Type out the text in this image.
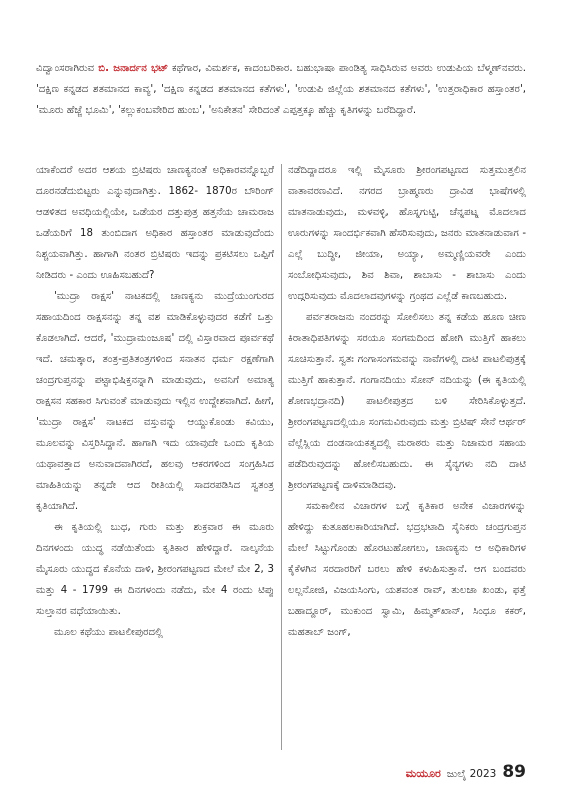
ವಿದ್ವಾಂಸರಾಗಿರುವ ಬಿ. ಜನಾರ್ದನ ಭಟ್ ಕಥೆಗಾರ, ವಿಮರ್ಶಕ, ಕಾದಂಬರಿಕಾರ. ಬಹುಭಾಷಾ ಪಾಂಡಿತ್ಯ ಸಾಧಿಸಿರುವ ಅವರು ಉಡುಪಿಯ ಬೆಳ್ಮಣ್‌ನವರು. 'ದಕ್ಷಿಣ ಕನ್ನಡದ ಶತಮಾನದ ಕಾವ್ಯ', 'ದಕ್ಷಿಣ ಕನ್ನಡದ ಶತಮಾನದ ಕತೆಗಳು', 'ಉಡುಪಿ ಜಿಲ್ಲೆಯ ಶತಮಾನದ ಕತೆಗಳು', 'ಉತ್ತರಾಧಿಕಾರ ಹಸ್ತಾಂತರ', 'ಮೂರು ಹೆಜ್ಜೆ ಭೂಮಿ', 'ಕಲ್ಲುಕಂಬವೇರಿದ ಹುಂಬ', 'ಅನಿಕೇತನ' ಸೇರಿದಂತೆ ಎಪ್ಪತ್ತಕ್ಕೂ ಹೆಚ್ಚು ಕೃತಿಗಳನ್ನು ಬರೆದಿದ್ದಾರೆ.

ಯಾಕೆಂದರೆ ಅದರ ಆಶಯ ಬ್ರಿಟಿಷರು ಚಾಣಕ್ಯನಂತೆ ಅಧಿಕಾರವನ್ನೊಬ್ಬರೆ ದೂರನಡೆದುಬಿಟ್ಟರು ಎನ್ನುವುದಾಗಿತ್ತು. 1862- 1870ರ ಬೌರಿಂಗ್ ಆಡಳಿತದ ಅವಧಿಯಲ್ಲಿಯೇ, ಒಡೆಯರ ದತ್ತುಪುತ್ರ ಹತ್ತನೆಯ ಚಾಮರಾಜ ಒಡೆಯರಿಗೆ 18 ತುಂಬಿದಾಗ ಅಧಿಕಾರ ಹಸ್ತಾಂತರ ಮಾಡುವುದೆಂದು ನಿಶ್ಚಯವಾಗಿತ್ತು. ಹಾಗಾಗಿ ನಂತರ ಬ್ರಿಟಿಷರು ಇದನ್ನು ಪ್ರಕಟಿಸಲು ಒಪ್ಪಿಗೆ ನೀಡಿದರು - ಎಂದು ಊಹಿಸಬಹುದೆ?

'ಮುದ್ರಾ ರಾಕ್ಷಸ' ನಾಟಕದಲ್ಲಿ ಚಾಣಕ್ಯನು ಮುದ್ರೆಯುಂಗುರದ ಸಹಾಯದಿಂದ ರಾಕ್ಷಸನನ್ನು ತನ್ನ ವಶ ಮಾಡಿಕೊಳ್ಳುವುದರ ಕಡೆಗೆ ಒತ್ತು ಕೊಡಲಾಗಿದೆ. ಆದರೆ, 'ಮುದ್ರಾಮಂಜೂಷ' ದಲ್ಲಿ ವಿಸ್ತಾರವಾದ ಪೂರ್ವಕಥೆ ಇದೆ. ಚಮತ್ಕಾರ, ತಂತ್ರ-ಪ್ರತಿತಂತ್ರಗಳಿಂದ ಸನಾತನ ಧರ್ಮ ರಕ್ಷಣೆಗಾಗಿ ಚಂದ್ರಗುಪ್ತನನ್ನು ಪಟ್ಟಾಭಿಷಿಕ್ತನನ್ನಾಗಿ ಮಾಡುವುದು, ಅವನಿಗೆ ಅಮಾತ್ಯ ರಾಕ್ಷಸನ ಸಹಕಾರ ಸಿಗುವಂತೆ ಮಾಡುವುದು ಇಲ್ಲಿನ ಉದ್ದೇಶವಾಗಿದೆ. ಹೀಗೆ, 'ಮುದ್ರಾ ರಾಕ್ಷಸ' ನಾಟಕದ ವಸ್ತುವನ್ನು ಆಯ್ದುಕೊಂಡು ಕವಿಯು, ಮೂಲವನ್ನು ವಿಸ್ತರಿಸಿದ್ದಾನೆ. ಹಾಗಾಗಿ ಇದು ಯಾವುದೇ ಒಂದು ಕೃತಿಯ ಯಥಾವತ್ತಾದ ಅನುವಾದವಾಗಿರದೆ, ಹಲವು ಆಕರಗಳಿಂದ ಸಂಗ್ರಹಿಸಿದ ಮಾಹಿತಿಯನ್ನು ತನ್ನದೇ ಆದ ರೀತಿಯಲ್ಲಿ ಸಾದರಪಡಿಸಿದ ಸ್ವತಂತ್ರ ಕೃತಿಯಾಗಿದೆ.

ಈ ಕೃತಿಯಲ್ಲಿ ಬುಧ, ಗುರು ಮತ್ತು ಶುಕ್ರವಾರ ಈ ಮೂರು ದಿನಗಳಂದು ಯುದ್ಧ ನಡೆಯಿತೆಂದು ಕೃತಿಕಾರ ಹೇಳಿದ್ದಾರೆ. ನಾಲ್ಕನೆಯ ಮೈಸೂರು ಯುದ್ಧದ ಕೊನೆಯ ದಾಳಿ, ಶ್ರೀರಂಗಪಟ್ಟಣದ ಮೇಲೆ ಮೇ 2, 3 ಮತ್ತು 4 - 1799 ಈ ದಿನಗಳಂದು ನಡೆದು, ಮೇ 4 ರಂದು ಟಿಪ್ಪು ಸುಲ್ತಾನರ ವಧೆಯಾಯಿತು.

ಮೂಲ ಕಥೆಯು ಪಾಟಲೀಪುರದಲ್ಲಿ

ನಡೆದಿದ್ದಾದರೂ ಇಲ್ಲಿ ಮೈಸೂರು ಶ್ರೀರಂಗಪಟ್ಟಣದ ಸುತ್ತಮುತ್ತಲಿನ ವಾತಾವರಣವಿದೆ. ನಗರದ ಬ್ರಾಹ್ಮಣರು ದ್ರಾವಿಡ ಭಾಷೆಗಳಲ್ಲಿ ಮಾತನಾಡುವುದು, ಮಳವಳ್ಳಿ, ಹೊಸ್ನಗುಟ್ಟಿ, ಚೆನ್ನಪಟ್ನ ಮೊದಲಾದ ಊರುಗಳನ್ನು ಸಾಂದರ್ಭಿಕವಾಗಿ ಹೆಸರಿಸುವುದು, ಜನರು ಮಾತನಾಡುವಾಗ - ಎಲ್ಲೆ ಬುದ್ಧೀ, ಜೀಯಾ, ಅಯ್ಯಾ, ಅಮ್ಮಣ್ಣಿಯವರೇ ಎಂದು ಸಂಬೋಧಿಸುವುದು, ಶಿವ ಶಿವಾ, ಶಾಬಾಸು - ಶಾಬಾಸು ಎಂದು ಉದ್ಗರಿಸುವುದು ಮೊದಲಾದವುಗಳನ್ನು ಗ್ರಂಥದ ಎಲ್ಲೆಡೆ ಕಾಣಬಹುದು.

ಪರ್ವತರಾಜನು ನಂದರನ್ನು ಸೋಲಿಸಲು ತನ್ನ ಕಡೆಯ ಹೂಣ ಚೀಣ ಕಿರಾತಾಧಿಪತಿಗಳನ್ನು ಸರಯೂ ಸಂಗಮದಿಂದ ಹೋಗಿ ಮುತ್ತಿಗೆ ಹಾಕಲು ಸೂಚಿಸುತ್ತಾನೆ. ಸ್ವತಃ ಗಂಗಾಸಂಗಮವನ್ನು ನಾವೆಗಳಲ್ಲಿ ದಾಟಿ ಪಾಟಲಿಪುತ್ರಕ್ಕೆ ಮುತ್ತಿಗೆ ಹಾಕುತ್ತಾನೆ. ಗಂಗಾನದಿಯು ಸೋನ್ ನದಿಯನ್ನು (ಈ ಕೃತಿಯಲ್ಲಿ ಶೋಣಭದ್ರಾನದಿ) ಪಾಟಲೀಪುತ್ರದ ಬಳಿ ಸೇರಿಸಿಕೊಳ್ಳುತ್ತದೆ. ಶ್ರೀರಂಗಪಟ್ಟಣದಲ್ಲಿಯೂ ಸಂಗಮವಿರುವುದು ಮತ್ತು ಬ್ರಿಟಿಷ್ ಸೇನೆ ಆರ್ಥರ್ ವೆಲ್ಲೆಸ್ಲಿಯ ದಂಡನಾಯಕತ್ವದಲ್ಲಿ ಮರಾಠರು ಮತ್ತು ನಿಜಾಮರ ಸಹಾಯ ಪಡೆದಿರುವುದನ್ನು ಹೋಲಿಸಬಹುದು. ಈ ಸೈನ್ಯಗಳು ನದಿ ದಾಟಿ ಶ್ರೀರಂಗಪಟ್ಟಣಕ್ಕೆ ದಾಳಿಮಾಡಿದವು.

ಸಮಕಾಲೀನ ವಿಚಾರಗಳ ಬಗ್ಗೆ ಕೃತಿಕಾರ ಅನೇಕ ವಿಚಾರಗಳನ್ನು ಹೇಳಿದ್ದು ಕುತೂಹಲಕಾರಿಯಾಗಿದೆ. ಭದ್ರಭಟಾದಿ ಸೈನಿಕರು ಚಂದ್ರಗುಪ್ತನ ಮೇಲೆ ಸಿಟ್ಟುಗೊಂಡು ಹೊರಟುಹೋಗಲು, ಚಾಣಕ್ಯನು ಆ ಅಧಿಕಾರಿಗಳ ಕೈಕೆಳಗಿನ ಸರದಾರರಿಗೆ ಬರಲು ಹೇಳಿ ಕಳುಹಿಸುತ್ತಾನೆ. ಆಗ ಬಂದವರು ಲಲ್ಲನೋಜಿ, ವಿಜಯಸಿಂಗು, ಯಶವಂತ ರಾವ್, ತುಲಜಾ ಖಂಡು, ಫತ್ತೆ ಬಹಾದ್ದೂರ್, ಮುಕುಂದ ಸ್ವಾಮಿ, ಹಿಮ್ಮತ್‌ಖಾನ್, ಸಿಂಧೂ ಕಕರ್, ಮಹತಾಬ್ ಜಂಗ್,

ಮಯೂರ ಜುಲೈ 2023 89
